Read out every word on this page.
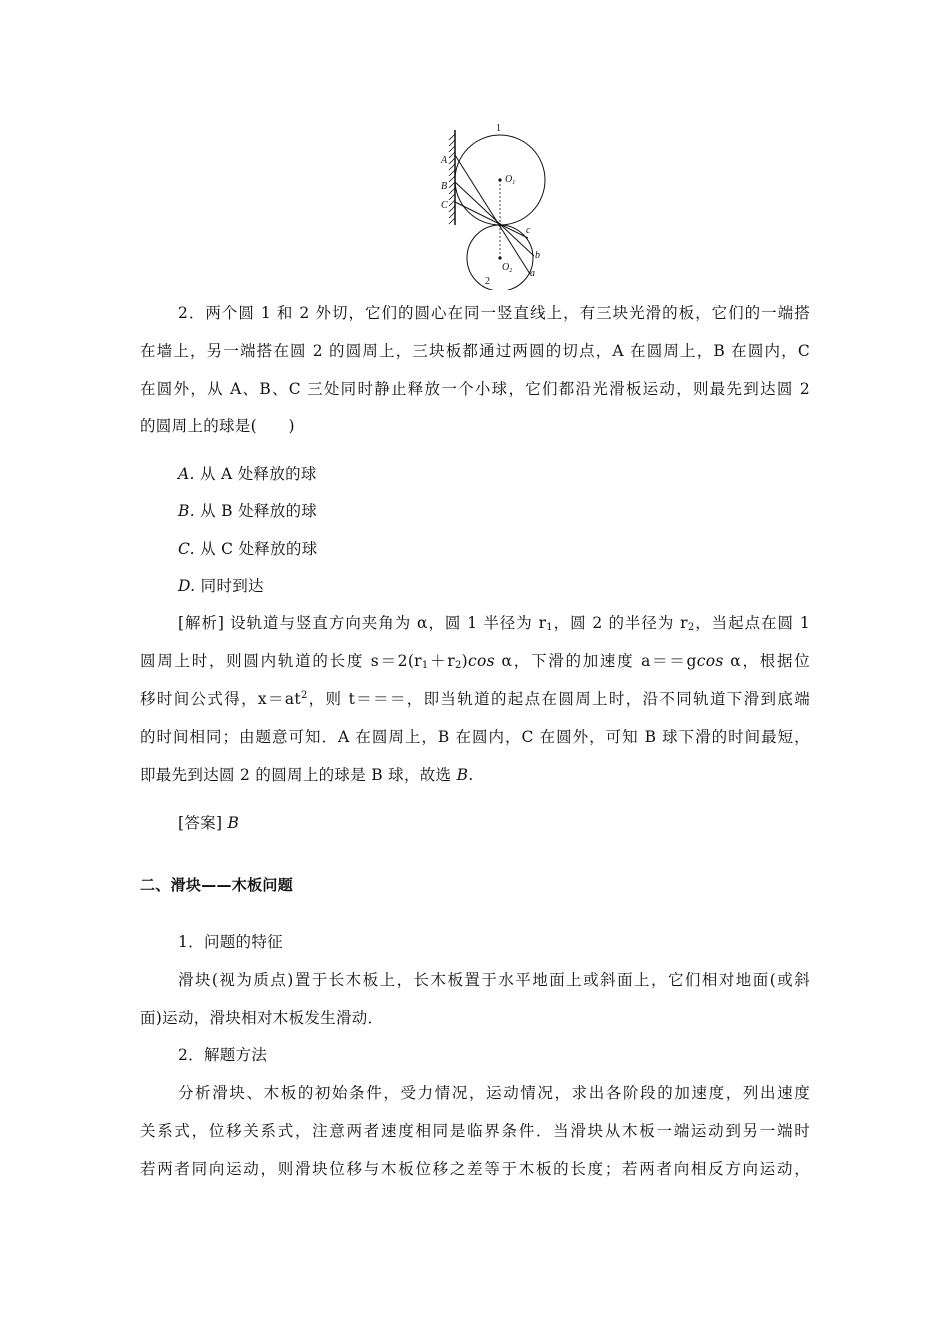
A
B
C
$O_1$
$O_2$
1
2
c
b
a
2．两个圆 1 和 2 外切，它们的圆心在同一竖直线上，有三块光滑的板，它们的一端搭
在墙上，另一端搭在圆 2 的圆周上，三块板都通过两圆的切点，A 在圆周上，B 在圆内，C
在圆外，从 A、B、C 三处同时静止释放一个小球，它们都沿光滑板运动，则最先到达圆 2
的圆周上的球是(　　)
A. 从 A 处释放的球
B. 从 B 处释放的球
C. 从 C 处释放的球
D. 同时到达
[解析] 设轨道与竖直方向夹角为 α，圆 1 半径为 $r_1$，圆 2 的半径为 $r_2$，当起点在圆 1
圆周上时，则圆内轨道的长度 $s=2(r_1+r_2)\cos$ α，下滑的加速度 a＝＝gcos α，根据位
移时间公式得，$x=at^2$，则 t＝＝＝，即当轨道的起点在圆周上时，沿不同轨道下滑到底端
的时间相同；由题意可知．A 在圆周上，B 在圆内，C 在圆外，可知 B 球下滑的时间最短，
即最先到达圆 2 的圆周上的球是 B 球，故选 B.
[答案] B
二、滑块——木板问题
1．问题的特征
滑块(视为质点)置于长木板上，长木板置于水平地面上或斜面上，它们相对地面(或斜
面)运动，滑块相对木板发生滑动．
2．解题方法
分析滑块、木板的初始条件，受力情况，运动情况，求出各阶段的加速度，列出速度
关系式，位移关系式，注意两者速度相同是临界条件．当滑块从木板一端运动到另一端时
若两者同向运动，则滑块位移与木板位移之差等于木板的长度；若两者向相反方向运动，
